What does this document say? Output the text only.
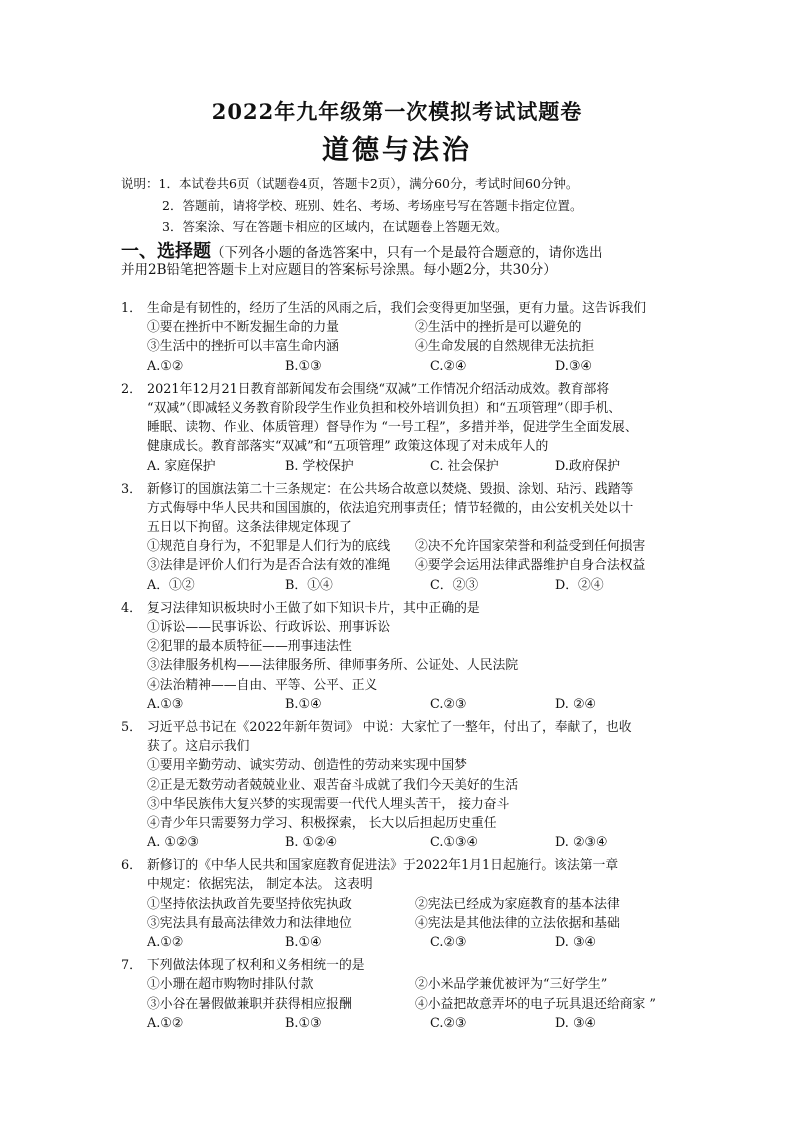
2022年九年级第一次模拟考试试题卷
道德与法治
说明：1．本试卷共6页（试题卷4页，答题卡2页），满分60分，考试时间60分钟。
2．答题前，请将学校、班别、姓名、考场、考场座号写在答题卡指定位置。
3．答案涂、写在答题卡相应的区域内，在试题卷上答题无效。
一、选择题（下列各小题的备选答案中，只有一个是最符合题意的，请你选出
并用2B铅笔把答题卡上对应题目的答案标号涂黑。每小题2分，共30分）
1． 生命是有韧性的，经历了生活的风雨之后，我们会变得更加坚强，更有力量。这告诉我们
①要在挫折中不断发掘生命的力量	②生活中的挫折是可以避免的
③生活中的挫折可以丰富生命内涵	④生命发展的自然规律无法抗拒
A.①②	B.①③	C.②④	D.③④
2． 2021年12月21日教育部新闻发布会围绕“双减”工作情况介绍活动成效。教育部将
“双减”（即减轻义务教育阶段学生作业负担和校外培训负担）和“五项管理”（即手机、
睡眠、读物、作业、体质管理）督导作为 “一号工程”，多措并举，促进学生全面发展、
健康成长。教育部落实“双减”和“五项管理” 政策这体现了对未成年人的
A. 家庭保护	B. 学校保护	C. 社会保护	D.政府保护
3． 新修订的国旗法第二十三条规定：在公共场合故意以焚烧、毁损、涂划、玷污、践踏等
方式侮辱中华人民共和国国旗的，依法追究刑事责任；情节轻微的，由公安机关处以十
五日以下拘留。这条法律规定体现了
①规范自身行为，不犯罪是人们行为的底线	②决不允许国家荣誉和利益受到任何损害
③法律是评价人们行为是否合法有效的准绳	④要学会运用法律武器维护自身合法权益
A．①②	B．①④	C．②③	D．②④
4． 复习法律知识板块时小王做了如下知识卡片，其中正确的是
①诉讼——民事诉讼、行政诉讼、刑事诉讼
②犯罪的最本质特征——刑事违法性
③法律服务机构——法律服务所、律师事务所、公证处、人民法院
④法治精神——自由、平等、公平、正义
A.①③	B.①④	C.②③	D. ②④
5． 习近平总书记在《2022年新年贺词》 中说：大家忙了一整年，付出了，奉献了，也收
获了。这启示我们
①要用辛勤劳动、诚实劳动、创造性的劳动来实现中国梦
②正是无数劳动者兢兢业业、艰苦奋斗成就了我们今天美好的生活
③中华民族伟大复兴梦的实现需要一代代人埋头苦干， 接力奋斗
④青少年只需要努力学习、积极探索， 长大以后担起历史重任
A. ①②③	B. ①②④	C.①③④	D. ②③④
6． 新修订的《中华人民共和国家庭教育促进法》于2022年1月1日起施行。该法第一章
中规定：依据宪法， 制定本法。 这表明
①坚持依法执政首先要坚持依宪执政	②宪法已经成为家庭教育的基本法律
③宪法具有最高法律效力和法律地位	④宪法是其他法律的立法依据和基础
A.①②	B.①④	C.②③	D. ③④
7． 下列做法体现了权利和义务相统一的是
①小珊在超市购物时排队付款	②小米品学兼优被评为“三好学生”
③小谷在暑假做兼职并获得相应报酬	④小益把故意弄坏的电子玩具退还给商家 ”
A.①②	B.①③	C.②③	D. ③④
